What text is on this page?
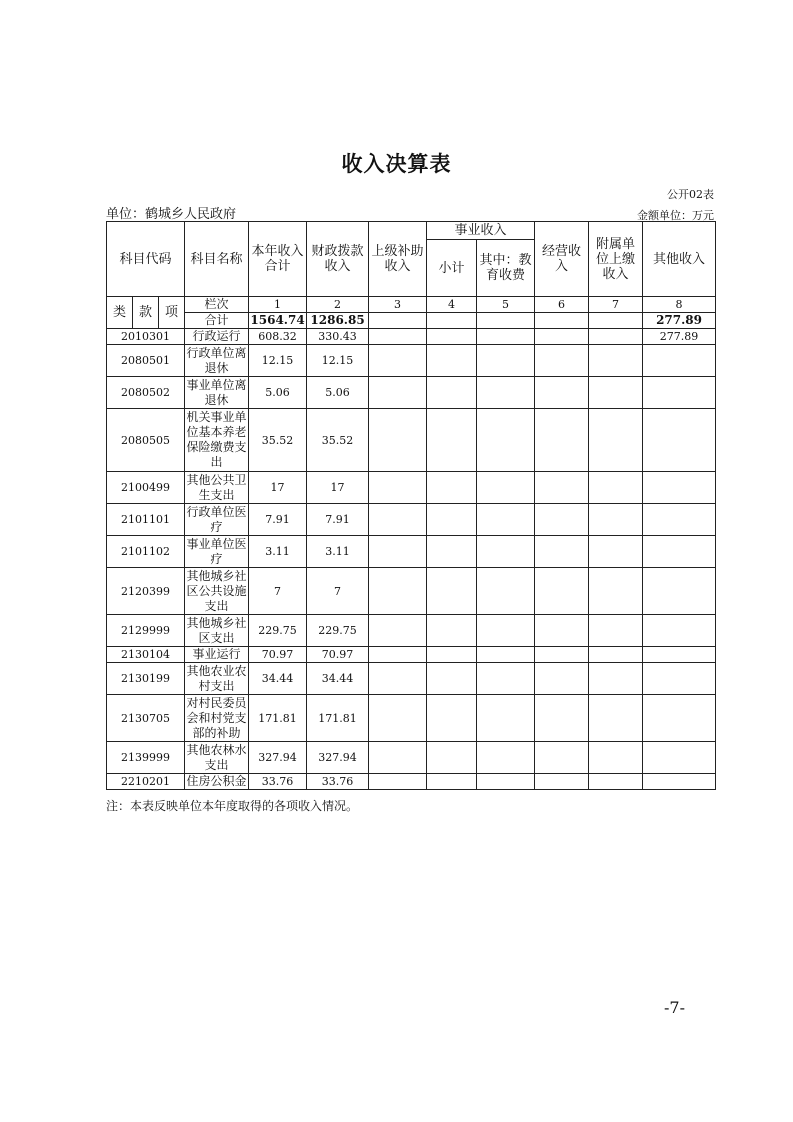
收入决算表
公开02表
单位：鹤城乡人民政府	金额单位：万元
科目代码			科目名称	本年收入合计	财政拨款收入	上级补助收入	事业收入		经营收入	附属单位上缴收入	其他收入
							小计	其中：教育收费			
类	款	项	栏次	1	2	3	4	5	6	7	8
			合计	1564.74	1286.85						277.89
2010301			行政运行	608.32	330.43						277.89
2080501			行政单位离退休	12.15	12.15						
2080502			事业单位离退休	5.06	5.06						
2080505			机关事业单位基本养老保险缴费支出	35.52	35.52						
2100499			其他公共卫生支出	17	17						
2101101			行政单位医疗	7.91	7.91						
2101102			事业单位医疗	3.11	3.11						
2120399			其他城乡社区公共设施支出	7	7						
2129999			其他城乡社区支出	229.75	229.75						
2130104			事业运行	70.97	70.97						
2130199			其他农业农村支出	34.44	34.44						
2130705			对村民委员会和村党支部的补助	171.81	171.81						
2139999			其他农林水支出	327.94	327.94						
2210201			住房公积金	33.76	33.76						
注：本表反映单位本年度取得的各项收入情况。
-7-
